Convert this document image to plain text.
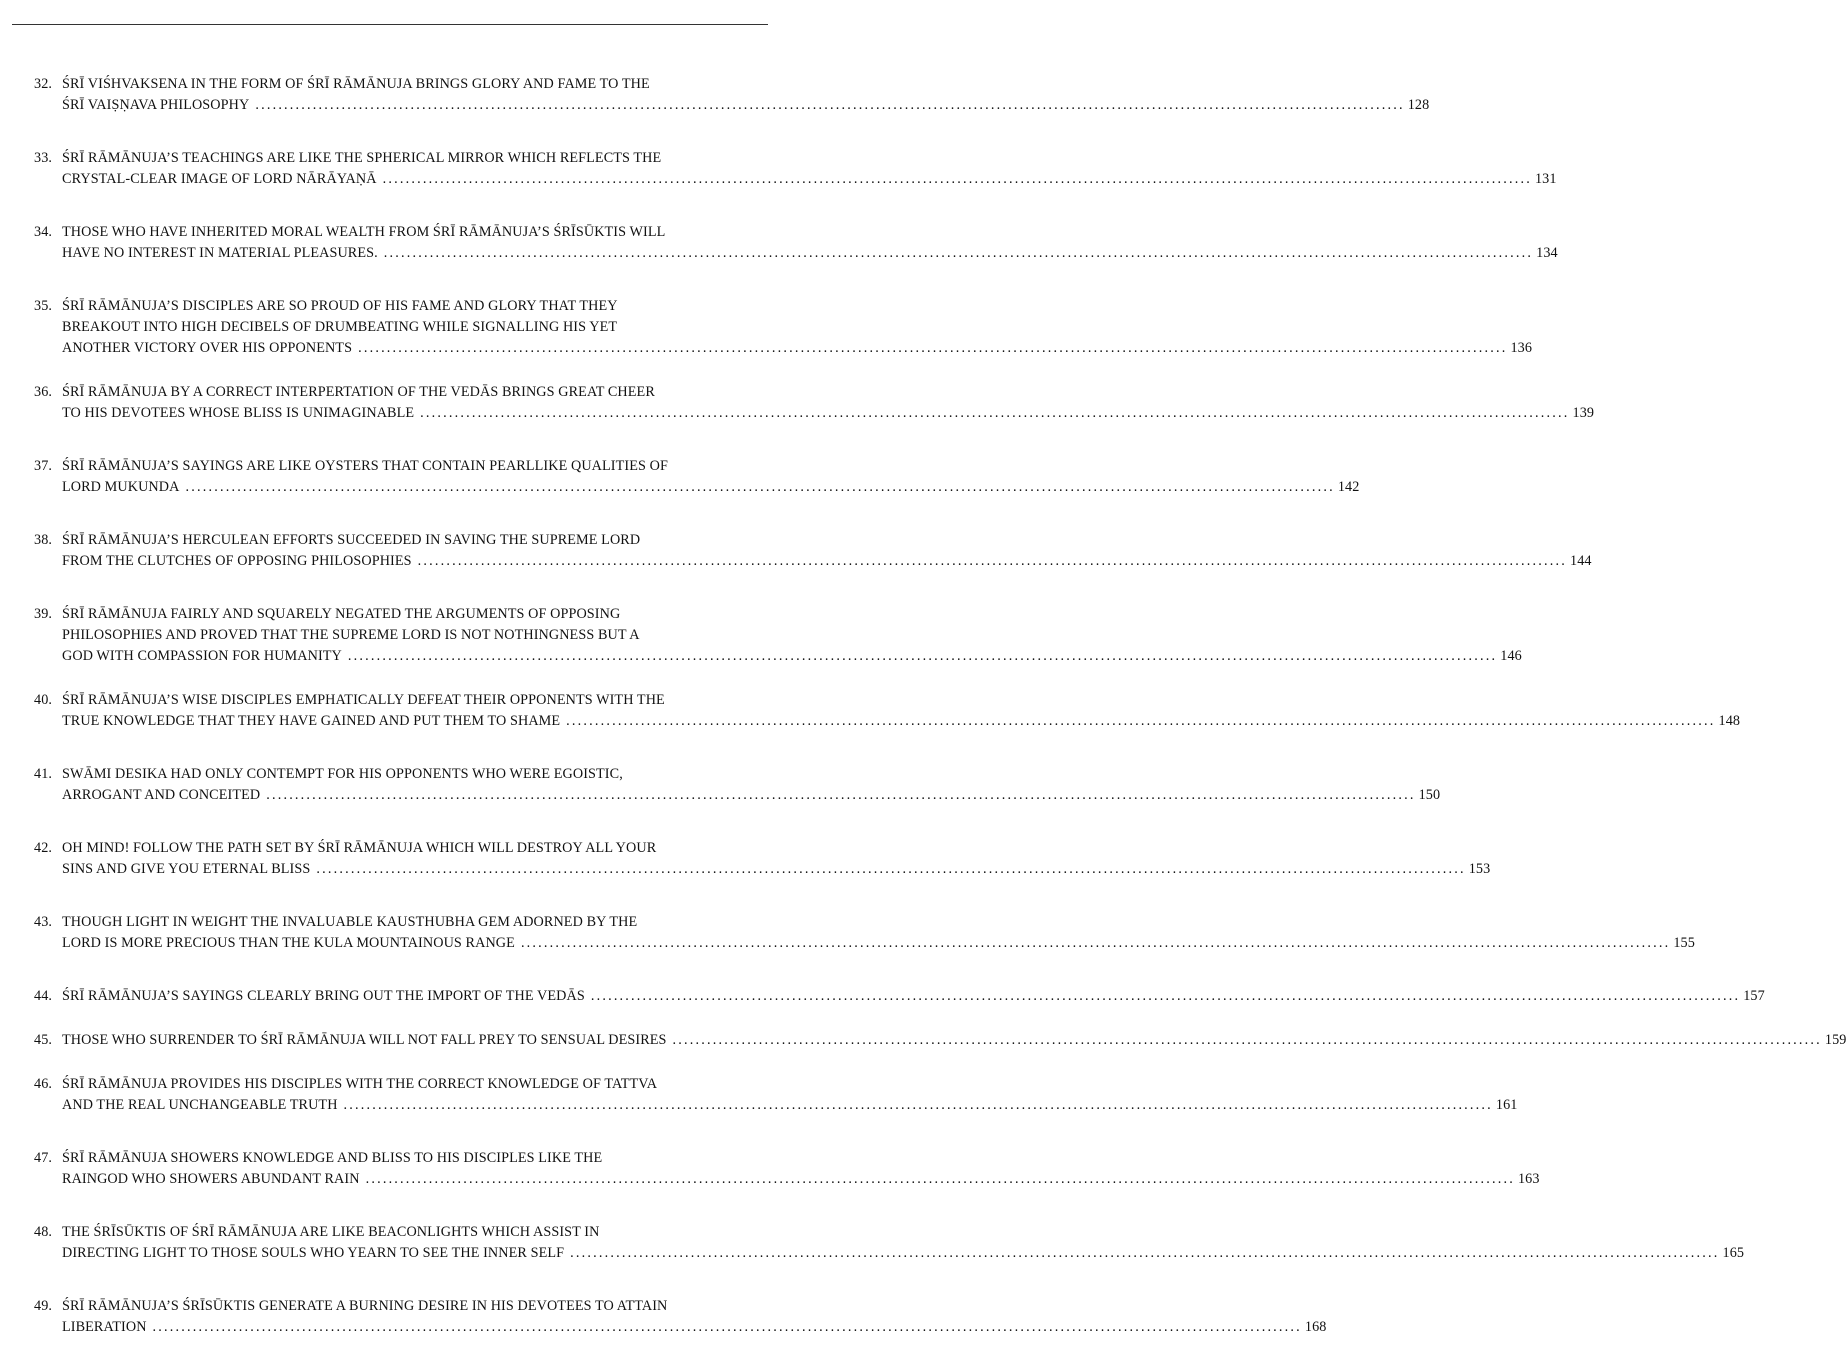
32. ŚRĪ VIŚHVAKSENA IN THE FORM OF ŚRĪ RĀMĀNUJA BRINGS GLORY AND FAME TO THE
ŚRĪ VAIṢṆAVA PHILOSOPHY ........................................................................................................................................................................................................ 128
33. ŚRĪ RĀMĀNUJA’S TEACHINGS ARE LIKE THE SPHERICAL MIRROR WHICH REFLECTS THE
CRYSTAL-CLEAR IMAGE OF LORD NĀRĀYAṆĀ ........................................................................................................................................................................................................ 131
34. THOSE WHO HAVE INHERITED MORAL WEALTH FROM ŚRĪ RĀMĀNUJA’S ŚRĪSŪKTIS WILL
HAVE NO INTEREST IN MATERIAL PLEASURES. ........................................................................................................................................................................................................ 134
35. ŚRĪ RĀMĀNUJA’S DISCIPLES ARE SO PROUD OF HIS FAME AND GLORY THAT THEY
BREAKOUT INTO HIGH DECIBELS OF DRUMBEATING WHILE SIGNALLING HIS YET
ANOTHER VICTORY OVER HIS OPPONENTS ........................................................................................................................................................................................................ 136
36. ŚRĪ RĀMĀNUJA BY A CORRECT INTERPERTATION OF THE VEDĀS BRINGS GREAT CHEER
TO HIS DEVOTEES WHOSE BLISS IS UNIMAGINABLE ........................................................................................................................................................................................................ 139
37. ŚRĪ RĀMĀNUJA’S SAYINGS ARE LIKE OYSTERS THAT CONTAIN PEARLLIKE QUALITIES OF
LORD MUKUNDA ........................................................................................................................................................................................................ 142
38. ŚRĪ RĀMĀNUJA’S HERCULEAN EFFORTS SUCCEEDED IN SAVING THE SUPREME LORD
FROM THE CLUTCHES OF OPPOSING PHILOSOPHIES ........................................................................................................................................................................................................ 144
39. ŚRĪ RĀMĀNUJA FAIRLY AND SQUARELY NEGATED THE ARGUMENTS OF OPPOSING
PHILOSOPHIES AND PROVED THAT THE SUPREME LORD IS NOT NOTHINGNESS BUT A
GOD WITH COMPASSION FOR HUMANITY ........................................................................................................................................................................................................ 146
40. ŚRĪ RĀMĀNUJA’S WISE DISCIPLES EMPHATICALLY DEFEAT THEIR OPPONENTS WITH THE
TRUE KNOWLEDGE THAT THEY HAVE GAINED AND PUT THEM TO SHAME ........................................................................................................................................................................................................ 148
41. SWĀMI DESIKA HAD ONLY CONTEMPT FOR HIS OPPONENTS WHO WERE EGOISTIC,
ARROGANT AND CONCEITED ........................................................................................................................................................................................................ 150
42. OH MIND! FOLLOW THE PATH SET BY ŚRĪ RĀMĀNUJA WHICH WILL DESTROY ALL YOUR
SINS AND GIVE YOU ETERNAL BLISS ........................................................................................................................................................................................................ 153
43. THOUGH LIGHT IN WEIGHT THE INVALUABLE KAUSTHUBHA GEM ADORNED BY THE
LORD IS MORE PRECIOUS THAN THE KULA MOUNTAINOUS RANGE ........................................................................................................................................................................................................ 155
44. ŚRĪ RĀMĀNUJA’S SAYINGS CLEARLY BRING OUT THE IMPORT OF THE VEDĀS ........................................................................................................................................................................................................ 157
45. THOSE WHO SURRENDER TO ŚRĪ RĀMĀNUJA WILL NOT FALL PREY TO SENSUAL DESIRES ........................................................................................................................................................................................................ 159
46. ŚRĪ RĀMĀNUJA PROVIDES HIS DISCIPLES WITH THE CORRECT KNOWLEDGE OF TATTVA
AND THE REAL UNCHANGEABLE TRUTH ........................................................................................................................................................................................................ 161
47. ŚRĪ RĀMĀNUJA SHOWERS KNOWLEDGE AND BLISS TO HIS DISCIPLES LIKE THE
RAINGOD WHO SHOWERS ABUNDANT RAIN ........................................................................................................................................................................................................ 163
48. THE ŚRĪSŪKTIS OF ŚRĪ RĀMĀNUJA ARE LIKE BEACONLIGHTS WHICH ASSIST IN
DIRECTING LIGHT TO THOSE SOULS WHO YEARN TO SEE THE INNER SELF ........................................................................................................................................................................................................ 165
49. ŚRĪ RĀMĀNUJA’S ŚRĪSŪKTIS GENERATE A BURNING DESIRE IN HIS DEVOTEES TO ATTAIN
LIBERATION ........................................................................................................................................................................................................ 168
